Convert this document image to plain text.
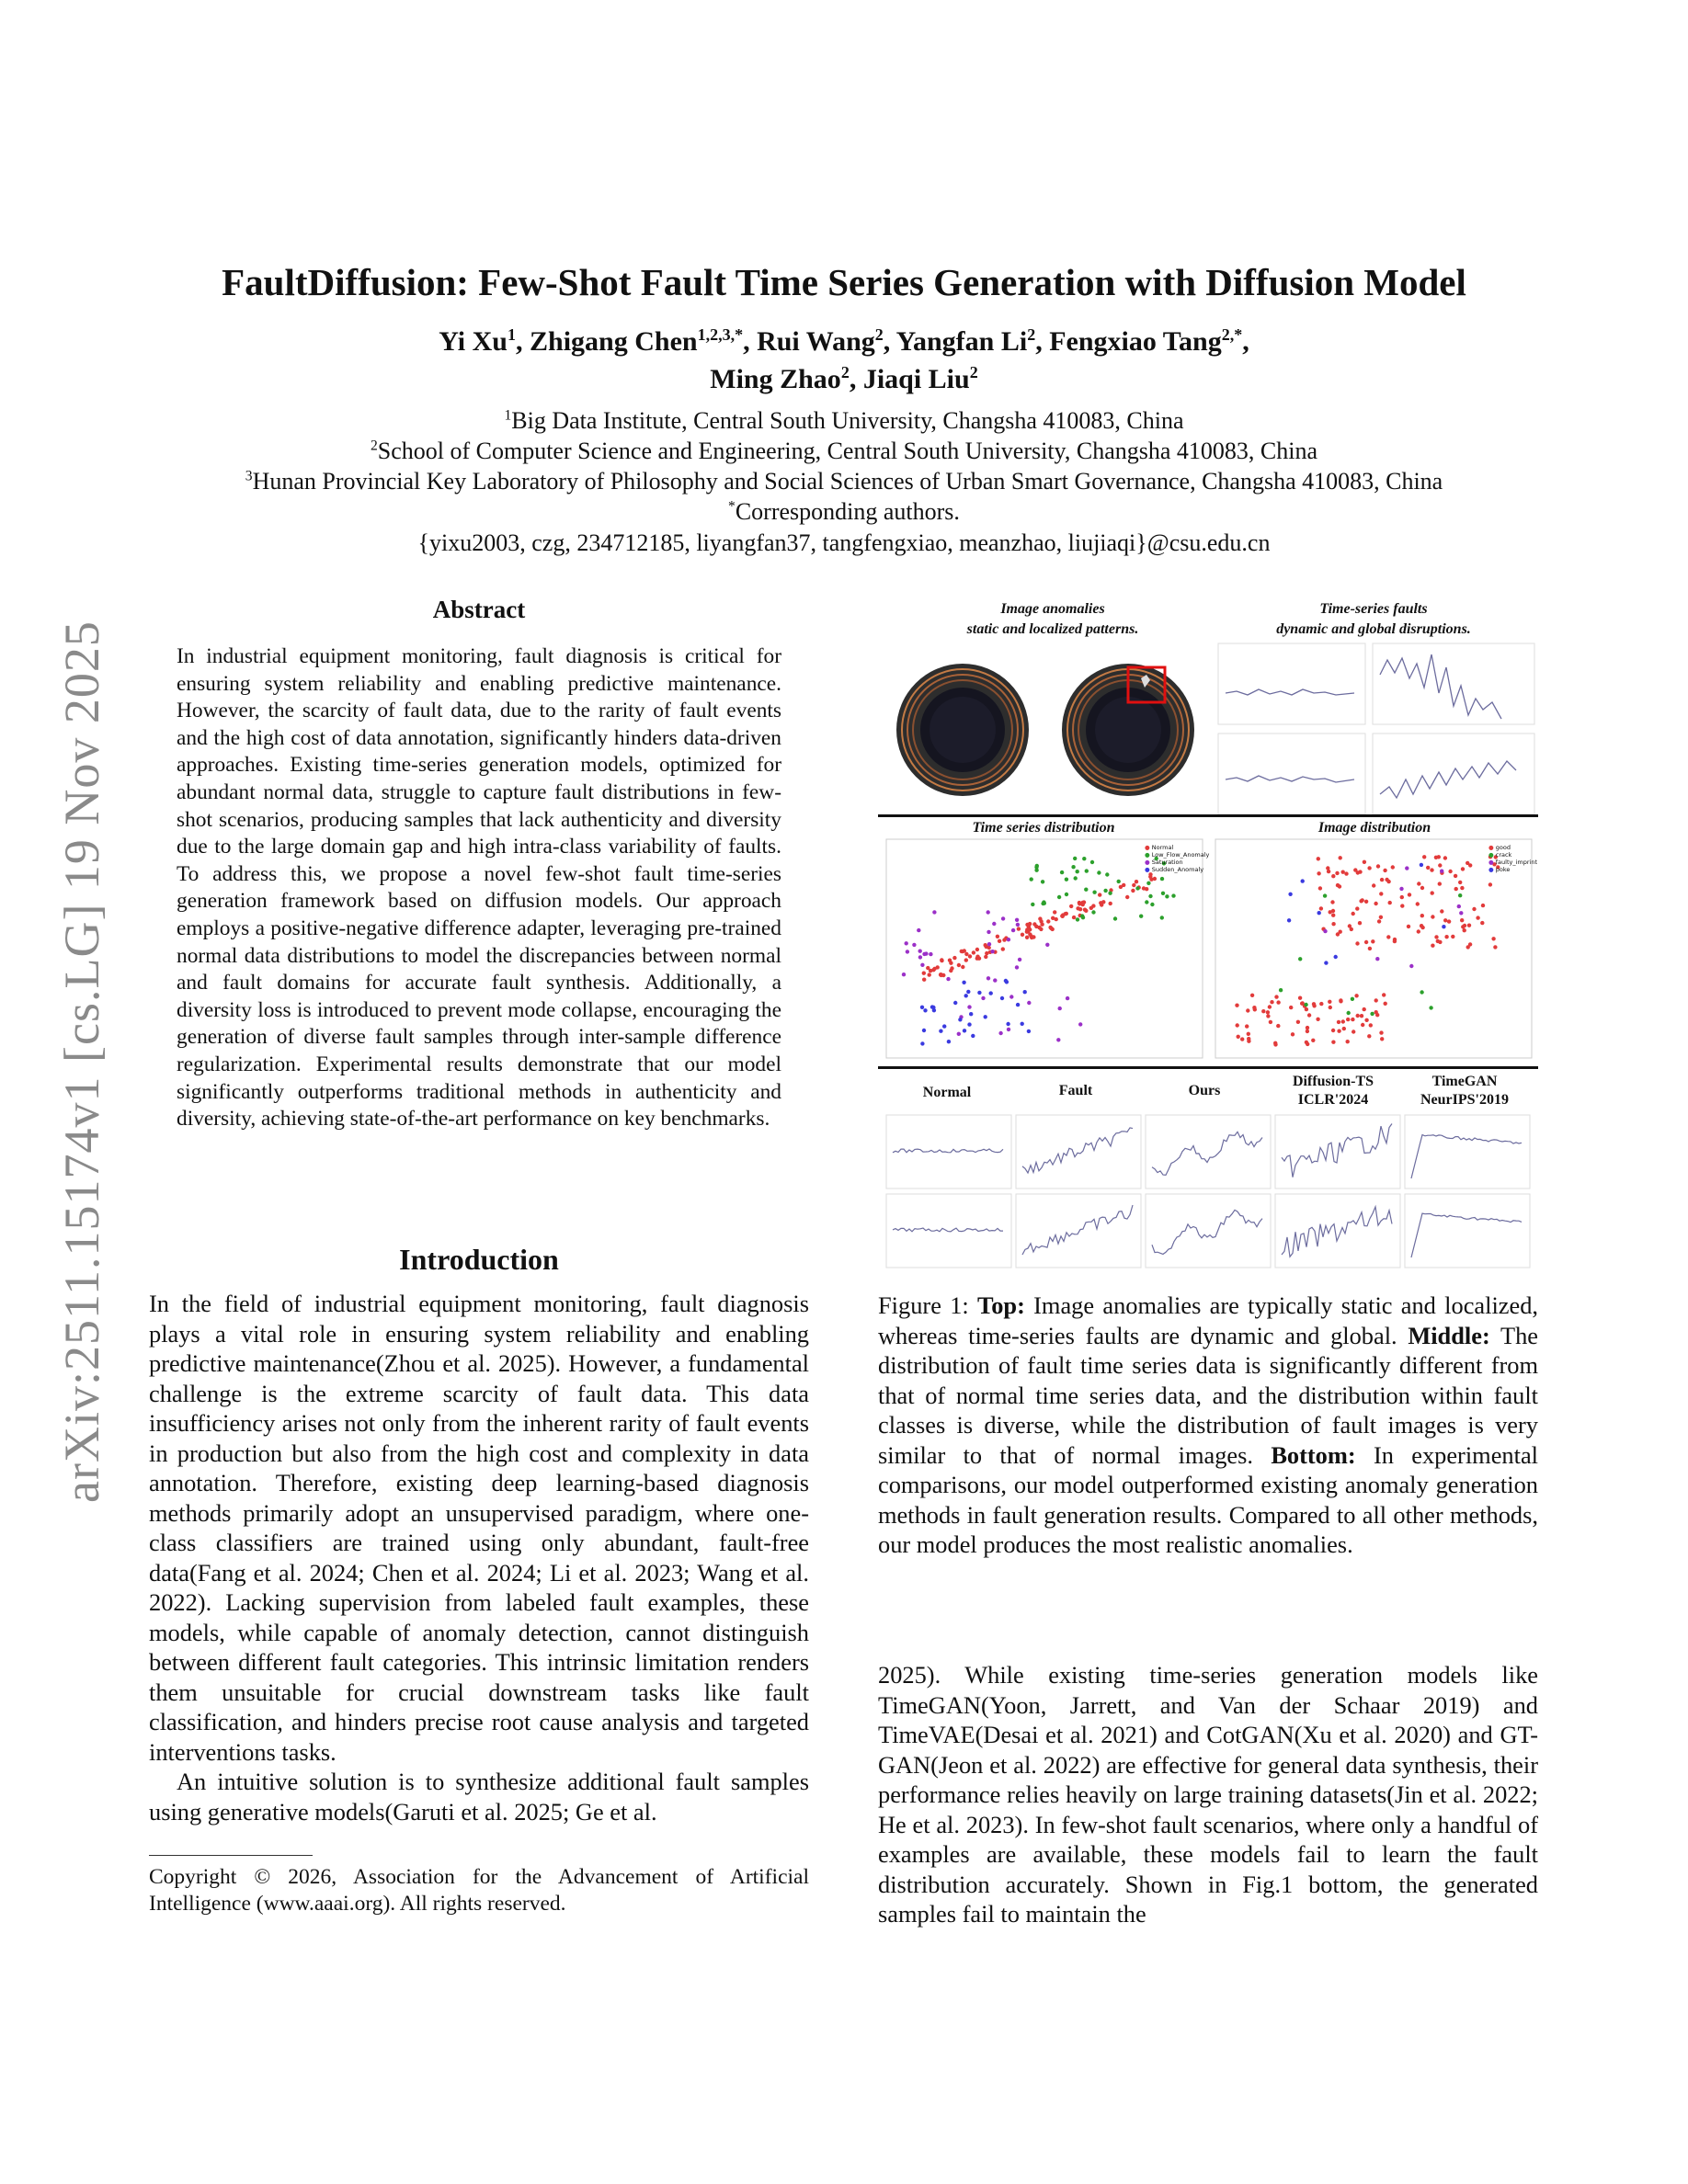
arXiv:2511.15174v1 [cs.LG] 19 Nov 2025
FaultDiffusion: Few-Shot Fault Time Series Generation with Diffusion Model
Yi Xu$^1$, Zhigang Chen$^{1,2,3,*}$, Rui Wang$^2$, Yangfan Li$^2$, Fengxiao Tang$^{2,*}$,
Ming Zhao$^2$, Jiaqi Liu$^2$
$^1$Big Data Institute, Central South University, Changsha 410083, China
$^2$School of Computer Science and Engineering, Central South University, Changsha 410083, China
$^3$Hunan Provincial Key Laboratory of Philosophy and Social Sciences of Urban Smart Governance, Changsha 410083, China
*Corresponding authors.
{yixu2003, czg, 234712185, liyangfan37, tangfengxiao, meanzhao, liujiaqi}@csu.edu.cn
Abstract
In industrial equipment monitoring, fault diagnosis is critical for ensuring system reliability and enabling predictive maintenance. However, the scarcity of fault data, due to the rarity of fault events and the high cost of data annotation, significantly hinders data-driven approaches. Existing time-series generation models, optimized for abundant normal data, struggle to capture fault distributions in few-shot scenarios, producing samples that lack authenticity and diversity due to the large domain gap and high intra-class variability of faults. To address this, we propose a novel few-shot fault time-series generation framework based on diffusion models. Our approach employs a positive-negative difference adapter, leveraging pre-trained normal data distributions to model the discrepancies between normal and fault domains for accurate fault synthesis. Additionally, a diversity loss is introduced to prevent mode collapse, encouraging the generation of diverse fault samples through inter-sample difference regularization. Experimental results demonstrate that our model significantly outperforms traditional methods in authenticity and diversity, achieving state-of-the-art performance on key benchmarks.
Introduction

In the field of industrial equipment monitoring, fault diagnosis plays a vital role in ensuring system reliability and enabling predictive maintenance(Zhou et al. 2025). However, a fundamental challenge is the extreme scarcity of fault data. This data insufficiency arises not only from the inherent rarity of fault events in production but also from the high cost and complexity in data annotation. Therefore, existing deep learning-based diagnosis methods primarily adopt an unsupervised paradigm, where one-class classifiers are trained using only abundant, fault-free data(Fang et al. 2024; Chen et al. 2024; Li et al. 2023; Wang et al. 2022). Lacking supervision from labeled fault examples, these models, while capable of anomaly detection, cannot distinguish between different fault categories. This intrinsic limitation renders them unsuitable for crucial downstream tasks like fault classification, and hinders precise root cause analysis and targeted interventions tasks.

An intuitive solution is to synthesize additional fault samples using generative models(Garuti et al. 2025; Ge et al.

Copyright © 2026, Association for the Advancement of Artificial Intelligence (www.aaai.org). All rights reserved.
Image anomalies
static and localized patterns.
Time-series faults
dynamic and global disruptions.
Time series distribution	Image distribution
● Normal
● Low_Flow_Anomaly
● Saturation
● Sudden_Anomaly
● good
● crack
● faulty_imprint
● poke
Normal	Fault	Ours
Diffusion-TS
ICLR'2024
TimeGAN
NeurIPS'2019
Figure 1: Top: Image anomalies are typically static and localized, whereas time-series faults are dynamic and global. Middle: The distribution of fault time series data is significantly different from that of normal time series data, and the distribution within fault classes is diverse, while the distribution of fault images is very similar to that of normal images. Bottom: In experimental comparisons, our model outperformed existing anomaly generation methods in fault generation results. Compared to all other methods, our model produces the most realistic anomalies.
2025). While existing time-series generation models like TimeGAN(Yoon, Jarrett, and Van der Schaar 2019) and TimeVAE(Desai et al. 2021) and CotGAN(Xu et al. 2020) and GT-GAN(Jeon et al. 2022) are effective for general data synthesis, their performance relies heavily on large training datasets(Jin et al. 2022; He et al. 2023). In few-shot fault scenarios, where only a handful of examples are available, these models fail to learn the fault distribution accurately. Shown in Fig.1 bottom, the generated samples fail to maintain the
